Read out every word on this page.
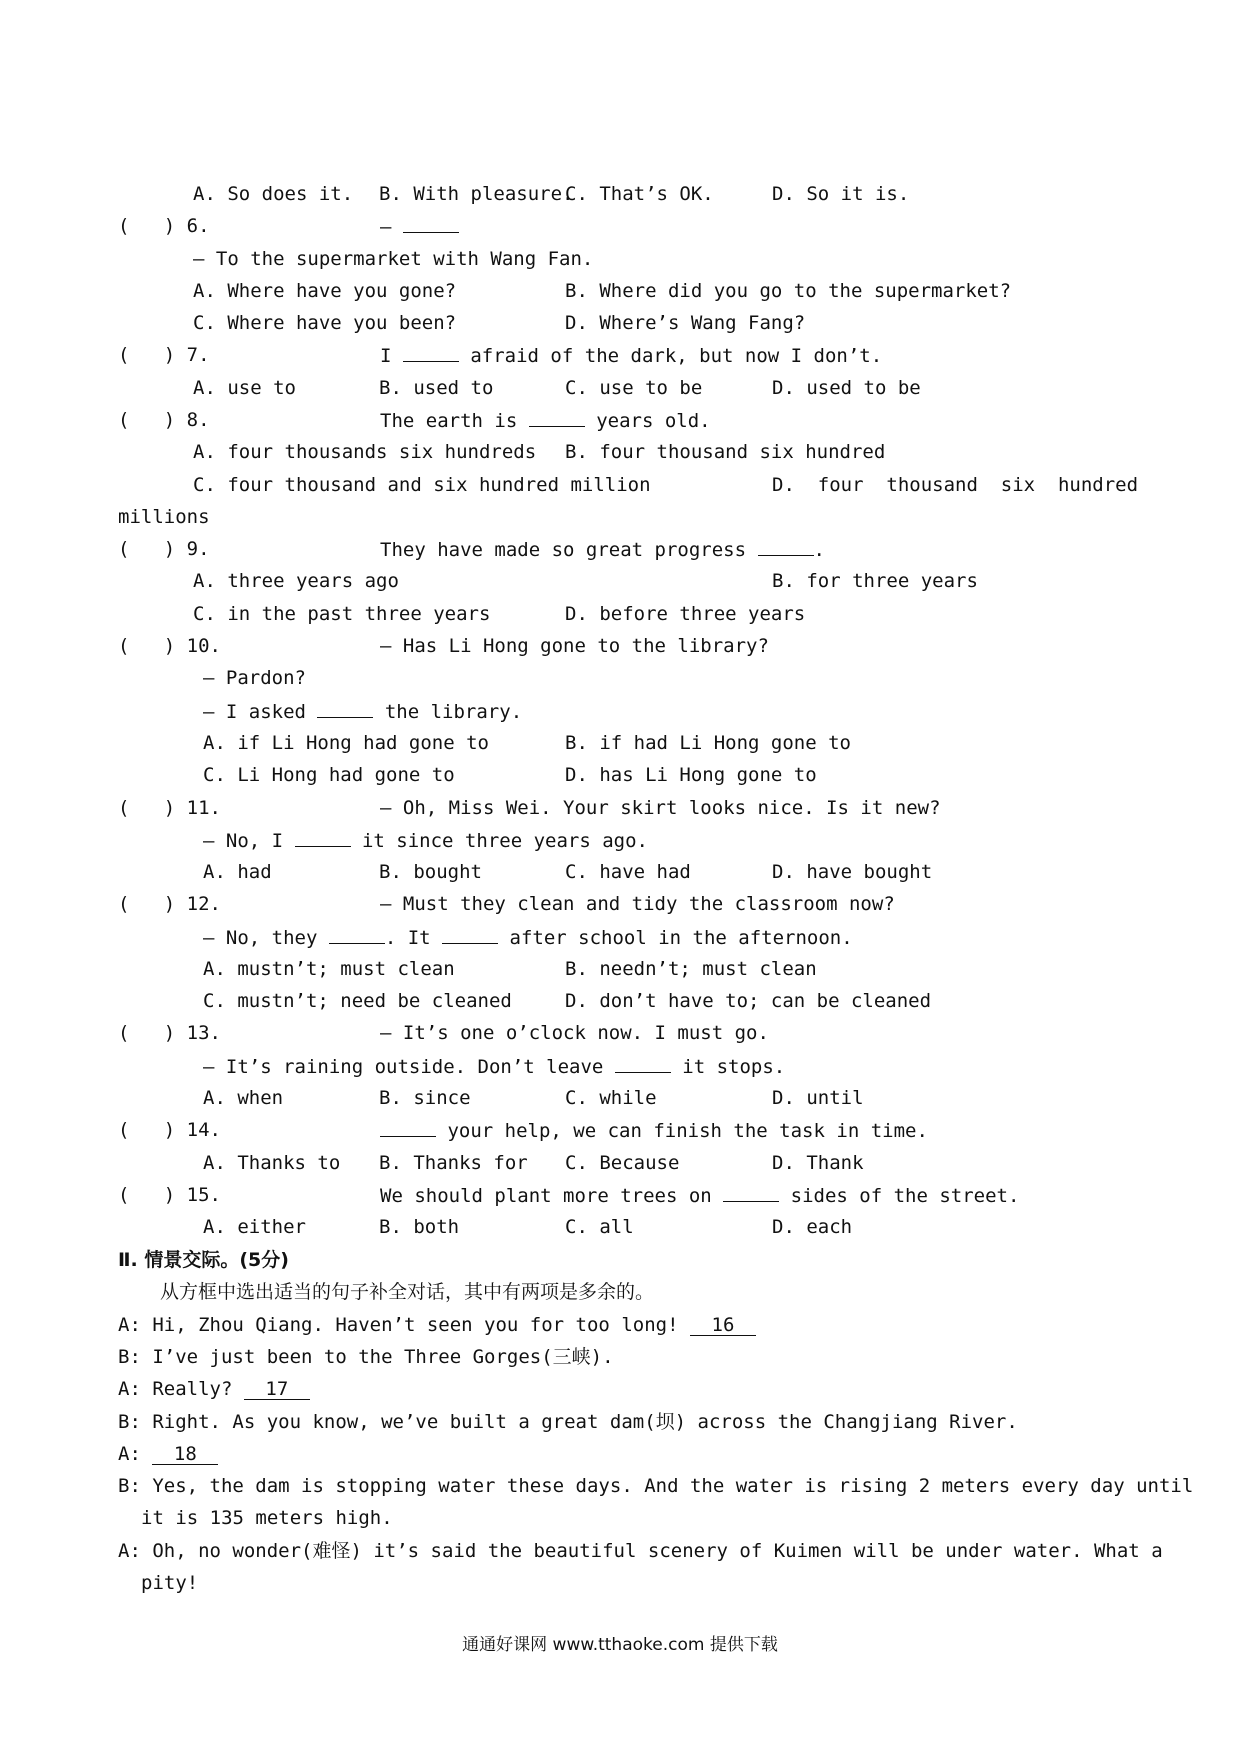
A. So does it. B. With pleasure.
C. That’s OK.	D. So it is.
(   ) 6.	—
— To the supermarket with Wang Fan.
A. Where have you gone?	B. Where did you go to the supermarket?
C. Where have you been?	D. Where’s Wang Fang?
(   ) 7.	I	afraid of the dark, but now I don’t.
A. use to	B. used to	C. use to be	D. used to be
(   ) 8.	The earth is	years old.
A. four thousands six hundreds B. four thousand six hundred
C. four thousand and six hundred million	D.  four  thousand  six  hundred
millions
(   ) 9.	They have made so great progress	.
A. three years ago	B. for three years
C. in the past three years	D. before three years
(   ) 10.	— Has Li Hong gone to the library?
— Pardon?
— I asked	the library.
A. if Li Hong had gone to	B. if had Li Hong gone to
C. Li Hong had gone to	D. has Li Hong gone to
(   ) 11.	— Oh, Miss Wei. Your skirt looks nice. Is it new?
— No, I	it since three years ago.
A. had	B. bought	C. have had	D. have bought
(   ) 12.	— Must they clean and tidy the classroom now?
— No, they	. It	after school in the afternoon.
A. mustn’t; must clean	B. needn’t; must clean
C. mustn’t; need be cleaned	D. don’t have to; can be cleaned
(   ) 13.	— It’s one o’clock now. I must go.
— It’s raining outside. Don’t leave	it stops.
A. when	B. since	C. while	D. until
(   ) 14.	your help, we can finish the task in time.
A. Thanks to B. Thanks for C. Because	D. Thank
(   ) 15.	We should plant more trees on	sides of the street.
A. either	B. both	C. all	D. each
Ⅱ. 情景交际。(5分)
从方框中选出适当的句子补全对话，其中有两项是多余的。
A: Hi, Zhou Qiang. Haven’t seen you for too long! 16
B: I’ve just been to the Three Gorges(三峡).
A: Really? 17
B: Right. As you know, we’ve built a great dam(坝) across the Changjiang River.
A: 18
B: Yes, the dam is stopping water these days. And the water is rising 2 meters every day until
it is 135 meters high.
A: Oh, no wonder(难怪) it’s said the beautiful scenery of Kuimen will be under water. What a
pity!
通通好课网 www.tthaoke.com 提供下载
